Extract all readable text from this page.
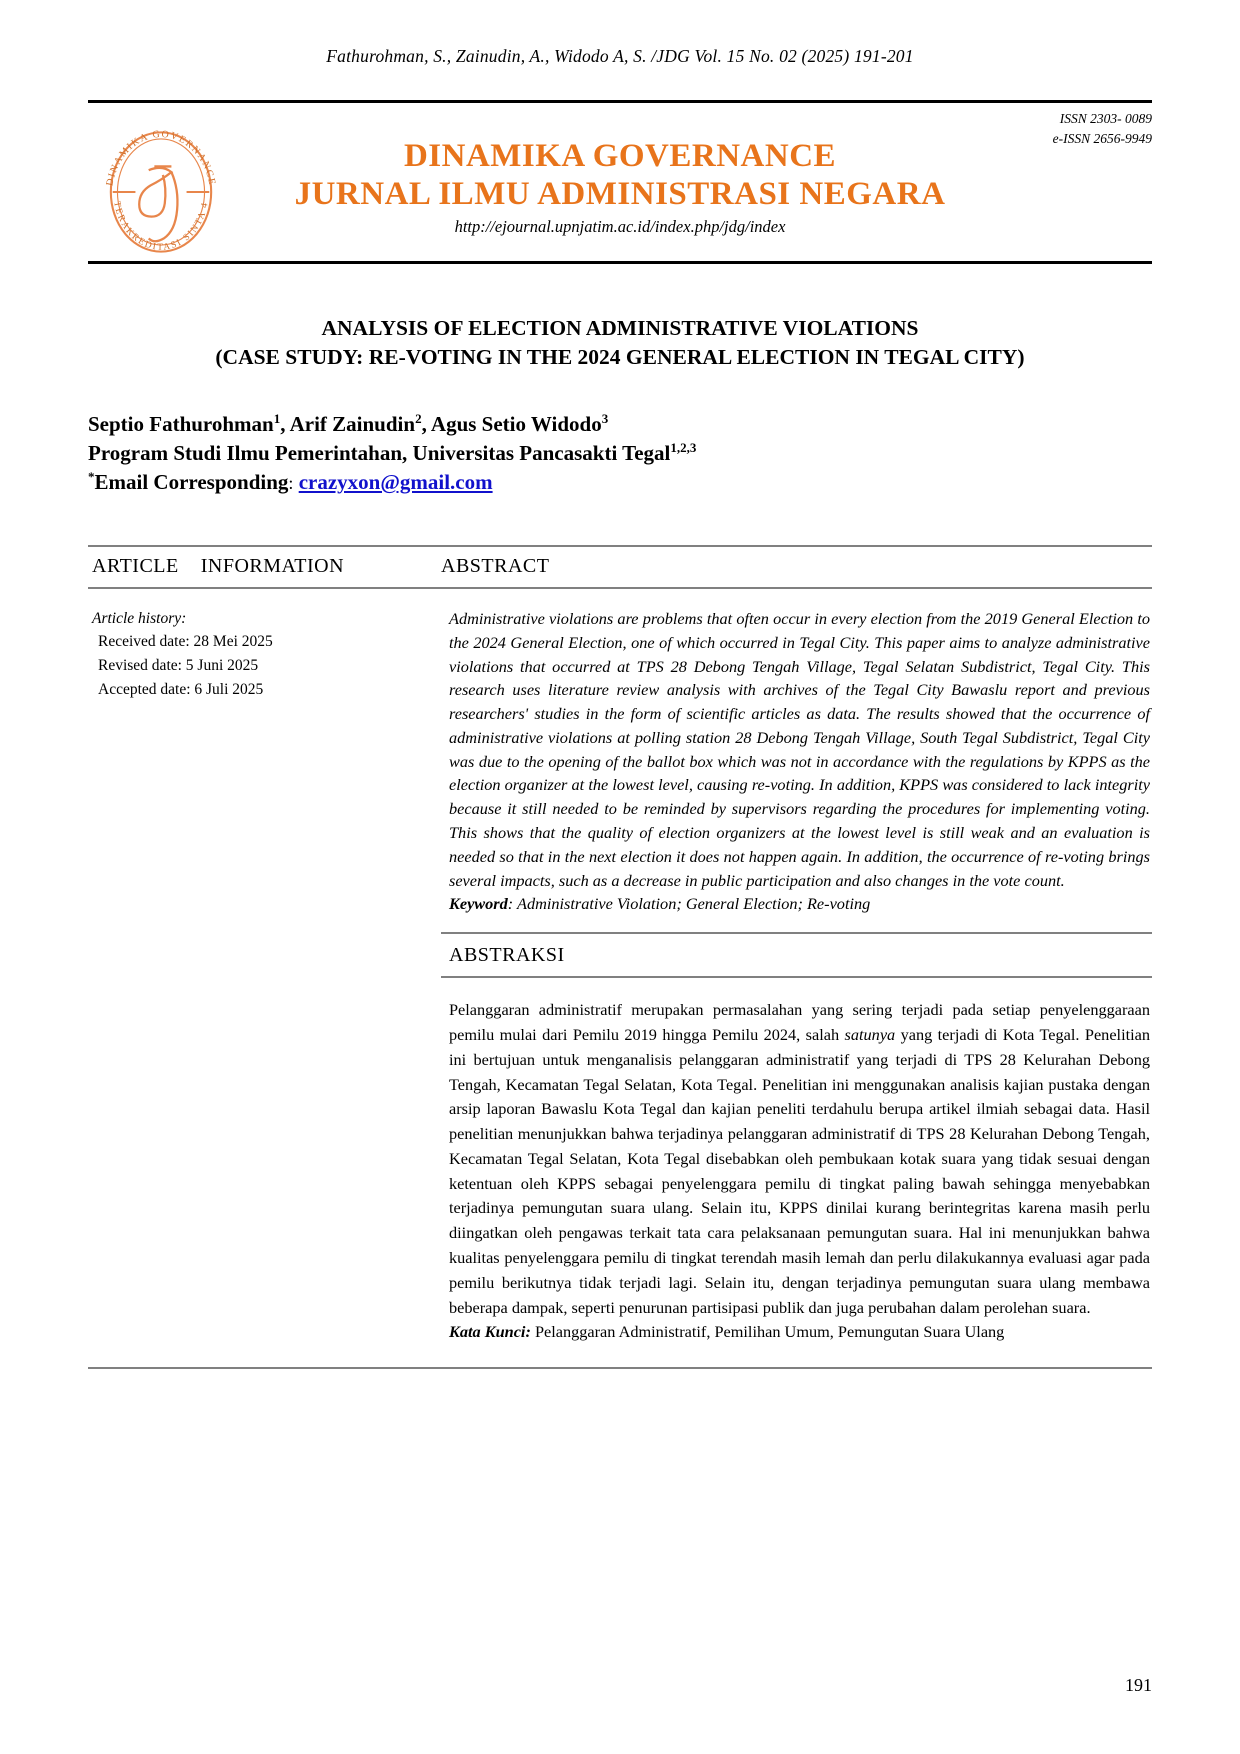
Fathurohman, S., Zainudin, A., Widodo A, S. /JDG Vol. 15 No. 02 (2025) 191-201
ISSN 2303- 0089
e-ISSN 2656-9949
DINAMIKA GOVERNANCE
TERAKREDITASI SINTA 4
DINAMIKA GOVERNANCE
JURNAL ILMU ADMINISTRASI NEGARA
http://ejournal.upnjatim.ac.id/index.php/jdg/index
ANALYSIS OF ELECTION ADMINISTRATIVE VIOLATIONS
(CASE STUDY: RE-VOTING IN THE 2024 GENERAL ELECTION IN TEGAL CITY)
Septio Fathurohman$^1$, Arif Zainudin$^2$, Agus Setio Widodo$^3$
Program Studi Ilmu Pemerintahan, Universitas Pancasakti Tegal$^{1,2,3}$
*Email Corresponding: crazyxon@gmail.com
ARTICLE INFORMATION	ABSTRACT
Article history:
Received date: 28 Mei 2025
Revised date: 5 Juni 2025
Accepted date: 6 Juli 2025
Administrative violations are problems that often occur in every election from the 2019 General Election to the 2024 General Election, one of which occurred in Tegal City. This paper aims to analyze administrative violations that occurred at TPS 28 Debong Tengah Village, Tegal Selatan Subdistrict, Tegal City. This research uses literature review analysis with archives of the Tegal City Bawaslu report and previous researchers' studies in the form of scientific articles as data. The results showed that the occurrence of administrative violations at polling station 28 Debong Tengah Village, South Tegal Subdistrict, Tegal City was due to the opening of the ballot box which was not in accordance with the regulations by KPPS as the election organizer at the lowest level, causing re-voting. In addition, KPPS was considered to lack integrity because it still needed to be reminded by supervisors regarding the procedures for implementing voting. This shows that the quality of election organizers at the lowest level is still weak and an evaluation is needed so that in the next election it does not happen again. In addition, the occurrence of re-voting brings several impacts, such as a decrease in public participation and also changes in the vote count.
Keyword: Administrative Violation; General Election; Re-voting
ABSTRAKSI
Pelanggaran administratif merupakan permasalahan yang sering terjadi pada setiap penyelenggaraan pemilu mulai dari Pemilu 2019 hingga Pemilu 2024, salah satunya yang terjadi di Kota Tegal. Penelitian ini bertujuan untuk menganalisis pelanggaran administratif yang terjadi di TPS 28 Kelurahan Debong Tengah, Kecamatan Tegal Selatan, Kota Tegal. Penelitian ini menggunakan analisis kajian pustaka dengan arsip laporan Bawaslu Kota Tegal dan kajian peneliti terdahulu berupa artikel ilmiah sebagai data. Hasil penelitian menunjukkan bahwa terjadinya pelanggaran administratif di TPS 28 Kelurahan Debong Tengah, Kecamatan Tegal Selatan, Kota Tegal disebabkan oleh pembukaan kotak suara yang tidak sesuai dengan ketentuan oleh KPPS sebagai penyelenggara pemilu di tingkat paling bawah sehingga menyebabkan terjadinya pemungutan suara ulang. Selain itu, KPPS dinilai kurang berintegritas karena masih perlu diingatkan oleh pengawas terkait tata cara pelaksanaan pemungutan suara. Hal ini menunjukkan bahwa kualitas penyelenggara pemilu di tingkat terendah masih lemah dan perlu dilakukannya evaluasi agar pada pemilu berikutnya tidak terjadi lagi. Selain itu, dengan terjadinya pemungutan suara ulang membawa beberapa dampak, seperti penurunan partisipasi publik dan juga perubahan dalam perolehan suara.
Kata Kunci: Pelanggaran Administratif, Pemilihan Umum, Pemungutan Suara Ulang
191
